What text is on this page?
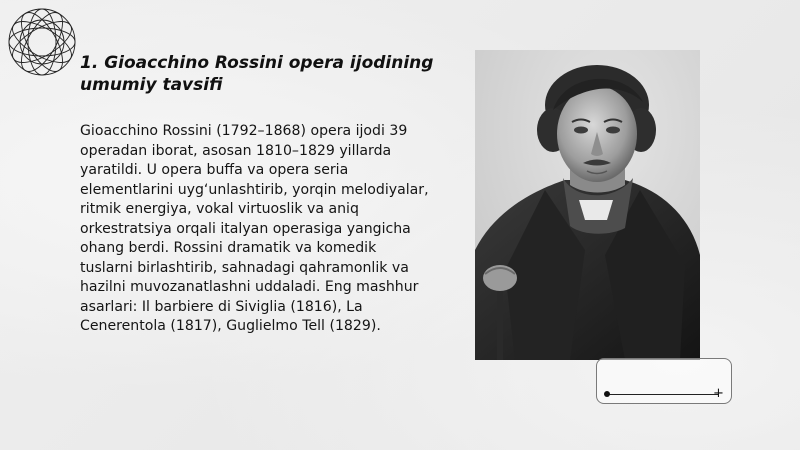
1. Gioacchino Rossini opera ijodining umumiy tavsifi

Gioacchino Rossini (1792–1868) opera ijodi 39 operadan iborat, asosan 1810–1829 yillarda yaratildi. U opera buffa va opera seria elementlarini uyg‘unlashtirib, yorqin melodiyalar, ritmik energiya, vokal virtuoslik va aniq orkestratsiya orqali italyan operasiga yangicha ohang berdi. Rossini dramatik va komedik tuslarni birlashtirib, sahnadagi qahramonlik va hazilni muvozanatlashni uddaladi. Eng mashhur asarlari: Il barbiere di Siviglia (1816), La Cenerentola (1817), Guglielmo Tell (1829).

+
